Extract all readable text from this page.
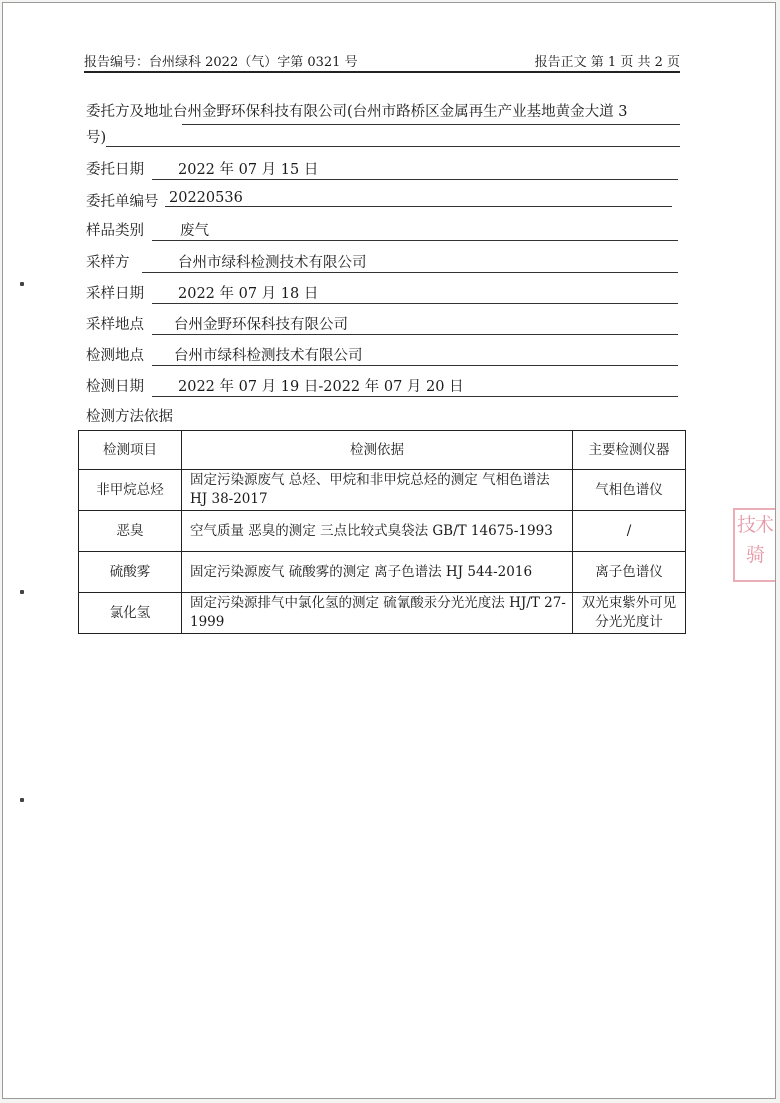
报告编号：台州绿科 2022（气）字第 0321 号	报告正文 第 1 页 共 2 页
委托方及地址台州金野环保科技有限公司(台州市路桥区金属再生产业基地黄金大道 3
号)
委托日期	2022 年 07 月 15 日
委托单编号 20220536
样品类别	废气
采样方	台州市绿科检测技术有限公司
采样日期	2022 年 07 月 18 日
采样地点	台州金野环保科技有限公司
检测地点	台州市绿科检测技术有限公司
检测日期	2022 年 07 月 19 日-2022 年 07 月 20 日
检测方法依据
检测项目	检测依据	主要检测仪器
非甲烷总烃	固定污染源废气 总烃、甲烷和非甲烷总烃的测定 气相色谱法 HJ 38-2017	气相色谱仪
恶臭	空气质量 恶臭的测定 三点比较式臭袋法 GB/T 14675-1993	/
硫酸雾	固定污染源废气 硫酸雾的测定 离子色谱法 HJ 544-2016	离子色谱仪
氯化氢	固定污染源排气中氯化氢的测定 硫氰酸汞分光光度法 HJ/T 27-1999	双光束紫外可见分光光度计
技术
骑
